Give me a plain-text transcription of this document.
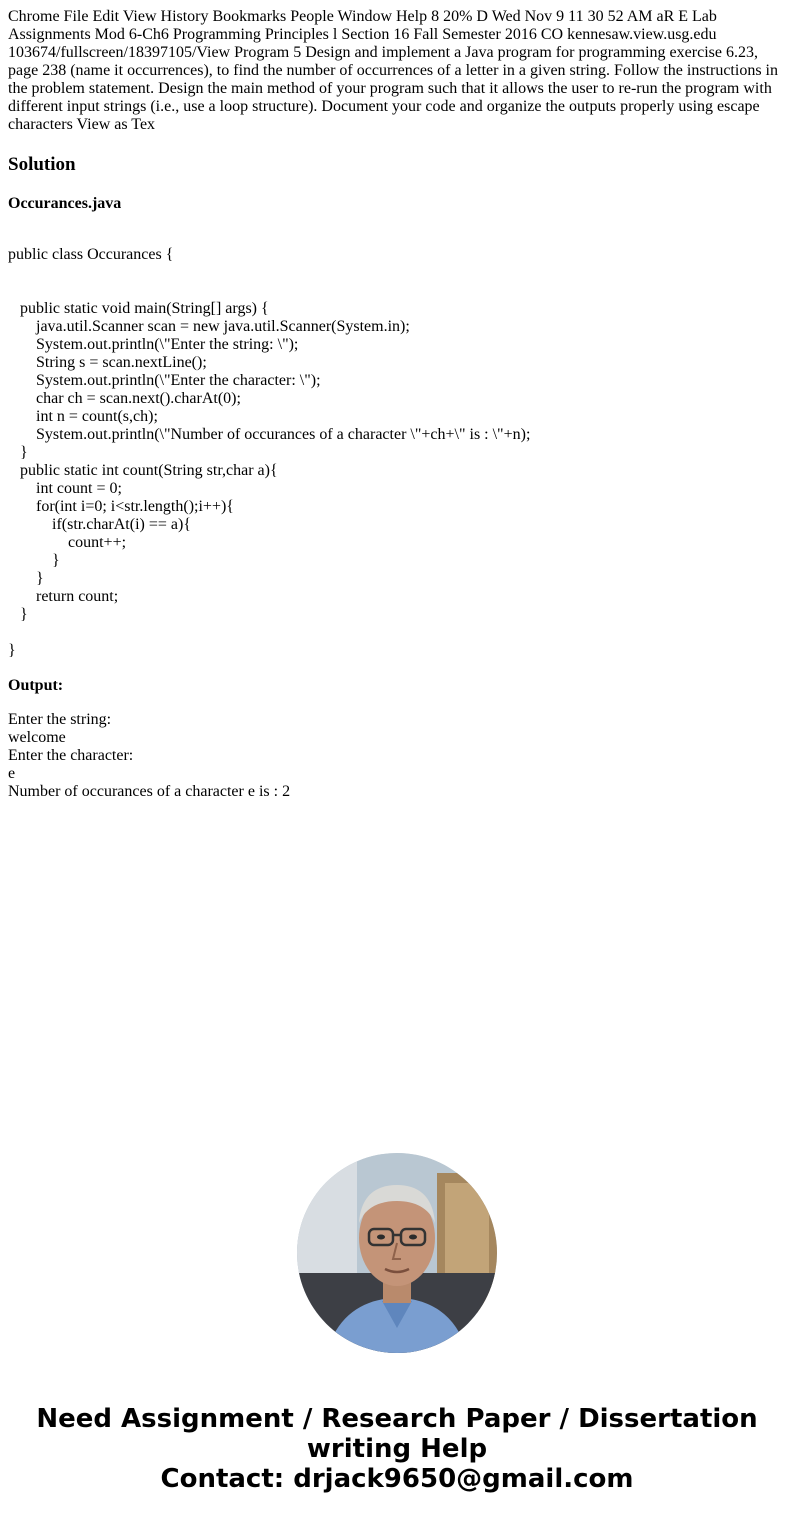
Chrome File Edit View History Bookmarks People Window Help 8 20% D Wed Nov 9 11 30 52 AM aR E Lab Assignments Mod 6-Ch6 Programming Principles l Section 16 Fall Semester 2016 CO kennesaw.view.usg.edu 103674/fullscreen/18397105/View Program 5 Design and implement a Java program for programming exercise 6.23, page 238 (name it occurrences), to find the number of occurrences of a letter in a given string. Follow the instructions in the problem statement. Design the main method of your program such that it allows the user to re-run the program with different input strings (i.e., use a loop structure). Document your code and organize the outputs properly using escape characters View as Tex

Solution

Occurances.java

public class Occurances {

public static void main(String[] args) {
java.util.Scanner scan = new java.util.Scanner(System.in);
System.out.println(\"Enter the string: \");
String s = scan.nextLine();
System.out.println(\"Enter the character: \");
char ch = scan.next().charAt(0);
int n = count(s,ch);
System.out.println(\"Number of occurances of a character \"+ch+\" is : \"+n);
}
public static int count(String str,char a){
int count = 0;
for(int i=0; i<str.length();i++){
if(str.charAt(i) == a){
count++;
}
}
return count;
}

}

Output:

Enter the string:
welcome
Enter the character:
e
Number of occurances of a character e is : 2
Need Assignment / Research Paper / Dissertation
writing Help
Contact: drjack9650@gmail.com
